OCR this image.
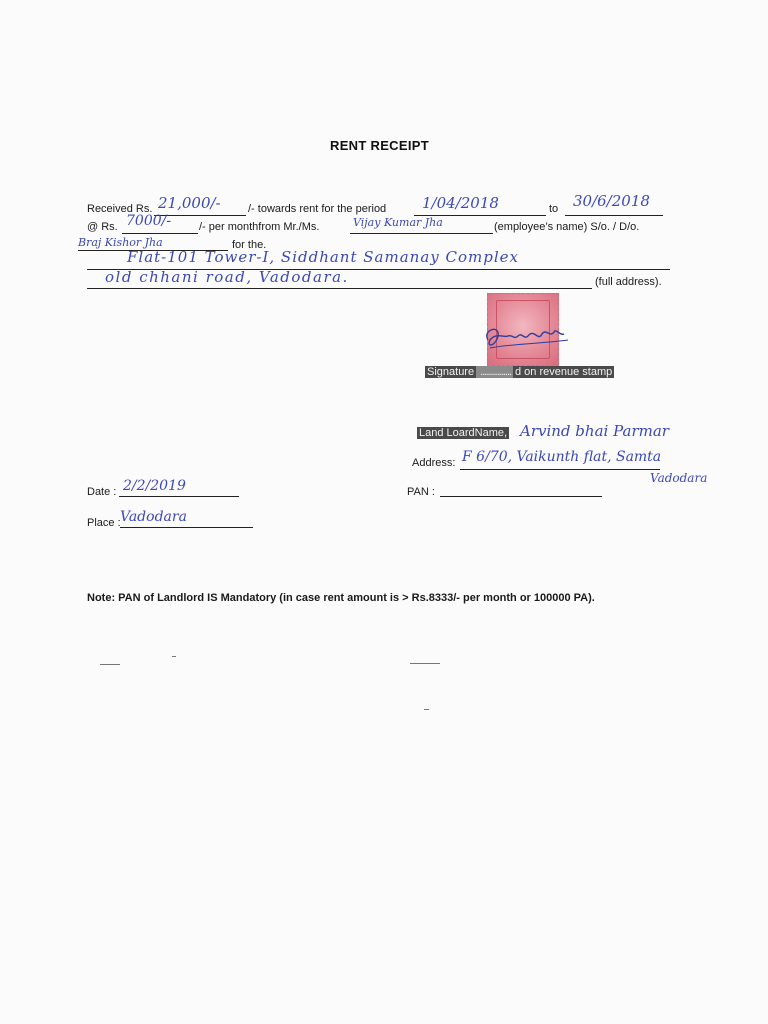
RENT RECEIPT
Received Rs. 21,000/- /- towards rent for the period 1/04/2018	to 30/6/2018
@ Rs. 7000/-	/- per monthfrom Mr./Ms.	Vijay Kumar Jha	(employee’s name) S/o. / D/o.
Braj Kishor Jha	for the.
Flat-101 Tower-I, Siddhant Samanay Complex
old chhani road, Vadodara.	(full address).
Signature ............... d on revenue stamp
Land LoardName, Arvind bhai Parmar
Address: F 6/70, Vaikunth flat, Samta
Vadodara
PAN :
Date : 2/2/2019
Place : Vadodara
Note: PAN of Landlord IS Mandatory (in case rent amount is > Rs.8333/- per month or 100000 PA).
